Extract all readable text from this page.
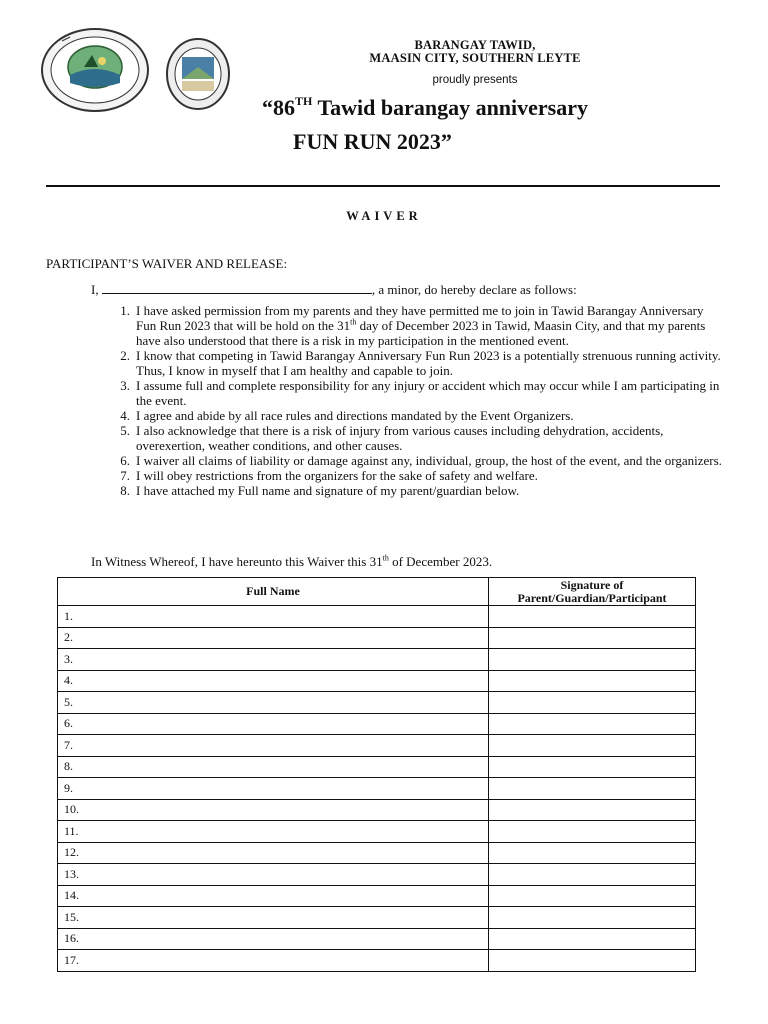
BARANGAY TAWID,
MAASIN CITY, SOUTHERN LEYTE
proudly presents
“86TH Tawid barangay anniversary
FUN RUN 2023”
WAIVER
PARTICIPANT’S WAIVER AND RELEASE:
I,	, a minor, do hereby declare as follows:
I have asked permission from my parents and they have permitted me to join in Tawid Barangay Anniversary Fun Run 2023 that will be hold on the 31th day of December 2023 in Tawid, Maasin City, and that my parents have also understood that there is a risk in my participation in the mentioned event.
I know that competing in Tawid Barangay Anniversary Fun Run 2023 is a potentially strenuous running activity. Thus, I know in myself that I am healthy and capable to join.
I assume full and complete responsibility for any injury or accident which may occur while I am participating in the event.
I agree and abide by all race rules and directions mandated by the Event Organizers.
I also acknowledge that there is a risk of injury from various causes including dehydration, accidents, overexertion, weather conditions, and other causes.
I waiver all claims of liability or damage against any, individual, group, the host of the event, and the organizers.
I will obey restrictions from the organizers for the sake of safety and welfare.
I have attached my Full name and signature of my parent/guardian below.
In Witness Whereof, I have hereunto this Waiver this 31th of December 2023.
Full Name	Signature of
Parent/Guardian/Participant
1.	
2.	
3.	
4.	
5.	
6.	
7.	
8.	
9.	
10.	
11.	
12.	
13.	
14.	
15.	
16.	
17.	
